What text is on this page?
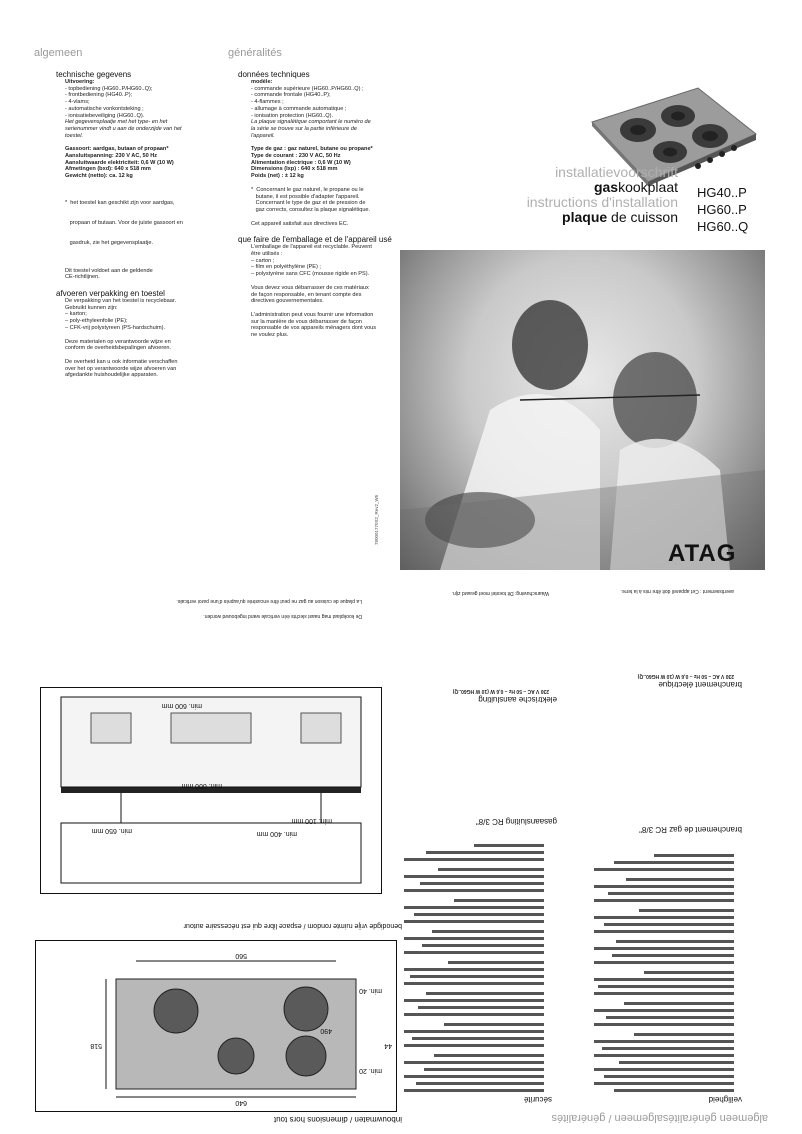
algemeen	généralités
technische gegevens
Uitvoering:
- topbediening (HG60..P/HG60..Q);
- frontbediening (HG40..P);
- 4-vlams;
- automatische vonkontsteking ;
- ionisatiebeveiliging (HG60..Q).
Het gegevensplaatje met het type- en het
serienummer vindt u aan de onderzijde van het
toestel.
Gassoort: aardgas, butaan of propaan*
Aansluitspanning: 230 V AC, 50 Hz
Aansluitwaarde elektriciteit: 0,6 W (10 W)
Afmetingen (bxd): 640 x 518 mm
Gewicht (netto): ca. 12 kg

*  het toestel kan geschikt zijn voor aardgas,

propaan of butaan. Voor de juiste gassoort en

gasdruk, zie het gegevensplaatje.

Dit toestel voldoet aan de geldende
CE-richtlijnen.
afvoeren verpakking en toestel
De verpakking van het toestel is recyclebaar.
Gebruikt kunnen zijn:
– karton;
– poly-ethyleenfolie (PE);
– CFK-vrij polystyreen (PS-hardschuim).
Deze materialen op verantwoorde wijze en
conform de overheidsbepalingen afvoeren.
De overheid kan u ook informatie verschaffen
over het op verantwoorde wijze afvoeren van
afgedankte huishoudelijke apparaten.
données techniques
modèle:
- commande supérieure (HG60..P/HG60..Q) ;
- commande frontale (HG40..P);
- 4-flammes ;
- allumage à commande automatique ;
- ionisation protection (HG60..Q).
La plaque signalétique comportant le numéro de
la série se trouve sur la partie inférieure de
l'appareil.
Type de gaz : gaz naturel, butane ou propane*
Type de courant : 230 V AC, 50 Hz
Alimentation électrique : 0,6 W (10 W)
Dimensions (lxp) : 640 x 518 mm
Poids (net) : ± 12 kg
*  Concernant le gaz naturel, le propane ou le
butane, il est possible d'adapter l'appareil.
Concernant le type de gaz et de pression de
gaz corrects, consultez la plaque signalétique.
Cet appareil satisfait aux directives EC.
que faire de l'emballage et de l'appareil usé
L'emballage de l'appareil est recyclable. Peuvent
être utilisés :
– carton ;
– film en polyéthylène (PE) ;
– polystyrène sans CFC (mousse rigide en PS).
Vous devez vous débarrasser de ces matériaux
de façon responsable, en tenant compte des
directives gouvernementales.
L'administration peut vous fournir une information
sur la manière de vous débarrasser de façon
responsable de vos appareils ménagers dont vous
ne voulez plus.
installatievoorschrift
gaskookplaat
instructions d'installation
plaque de cuisson
HG40..P
HG60..P
HG60..Q
780001770S2_Rev2_W5
ATAG
algemeen généralitésalgemeen / généralités
veiligheid
sécurité
branchement de gaz RC 3/8"
gasaansluiting RC 3/8"
branchement électrique
elektrische aansluiting
230 V AC – 50 Hz – 0,6 W (10 W HG60..Q)
230 V AC – 50 Hz – 0,6 W (10 W HG60..Q)
avertissement : Cet appareil doit être mis à la terre.
Waarschuwing: Dit toestel moet geaard zijn.
inbouwmaten / dimensions hors tout
640
518
560
490
min. 40
min. 20
44
benodigde vrije ruimte rondom / espace libre qui est nécessaire autour
min. 600 mm
min. 650 mm	min. 400 mm
min. 100 mm
min. 600 mm
De kookplaat mag naast slechts één verticale wand ingebouwd worden.
La plaque de cuisson au gaz ne peut être encastrée qu'auprès d'une paroi verticale.
